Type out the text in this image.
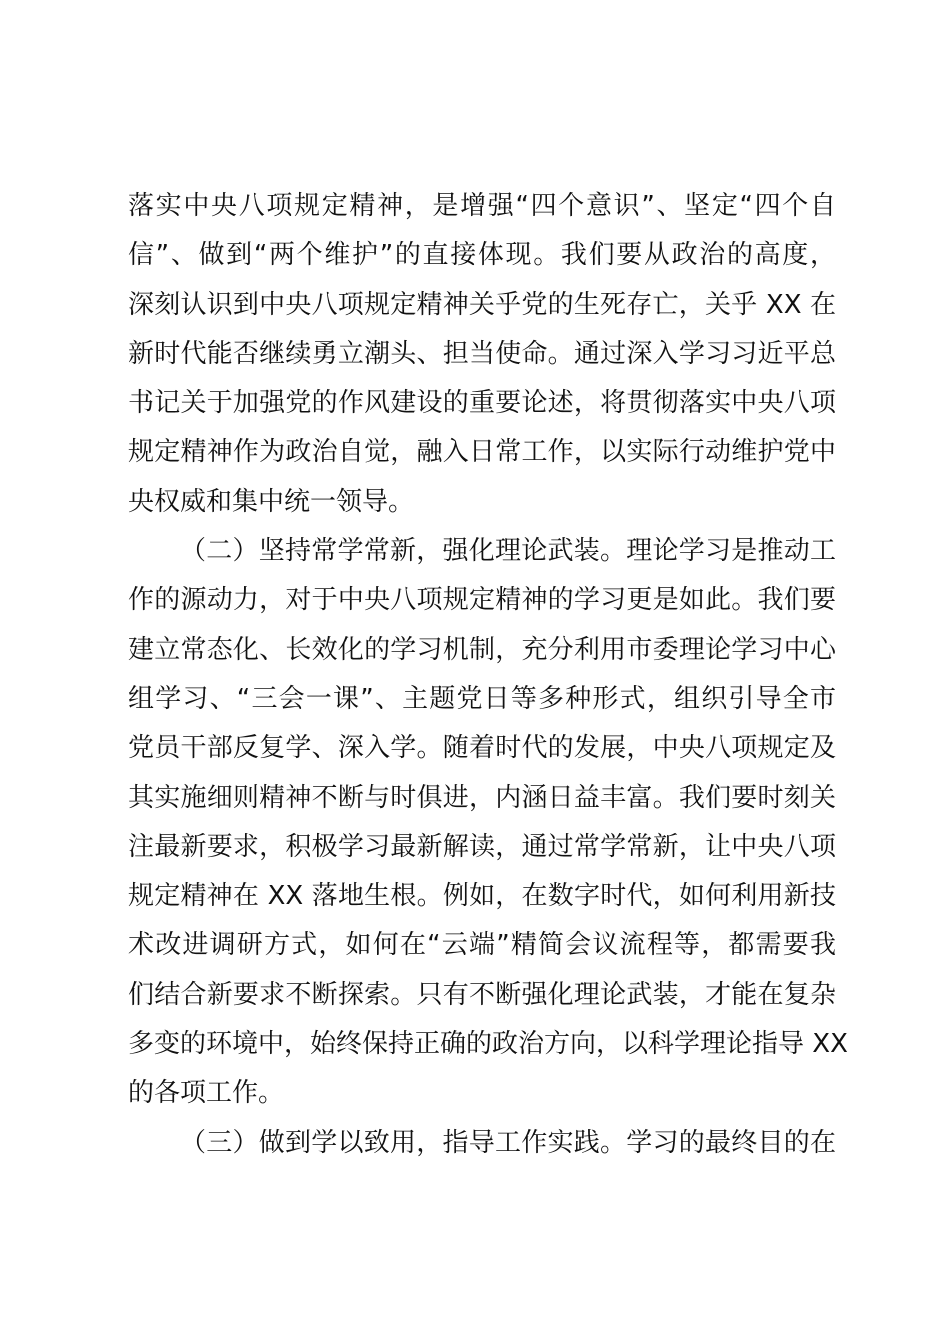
落实中央八项规定精神，是增强“四个意识”、坚定“四个自
信”、做到“两个维护”的直接体现。我们要从政治的高度，
深刻认识到中央八项规定精神关乎党的生死存亡，关乎 XX 在
新时代能否继续勇立潮头、担当使命。通过深入学习习近平总
书记关于加强党的作风建设的重要论述，将贯彻落实中央八项
规定精神作为政治自觉，融入日常工作，以实际行动维护党中
央权威和集中统一领导。
（二）坚持常学常新，强化理论武装。理论学习是推动工
作的源动力，对于中央八项规定精神的学习更是如此。我们要
建立常态化、长效化的学习机制，充分利用市委理论学习中心
组学习、“三会一课”、主题党日等多种形式，组织引导全市
党员干部反复学、深入学。随着时代的发展，中央八项规定及
其实施细则精神不断与时俱进，内涵日益丰富。我们要时刻关
注最新要求，积极学习最新解读，通过常学常新，让中央八项
规定精神在 XX 落地生根。例如，在数字时代，如何利用新技
术改进调研方式，如何在“云端”精简会议流程等，都需要我
们结合新要求不断探索。只有不断强化理论武装，才能在复杂
多变的环境中，始终保持正确的政治方向，以科学理论指导 XX
的各项工作。
（三）做到学以致用，指导工作实践。学习的最终目的在
